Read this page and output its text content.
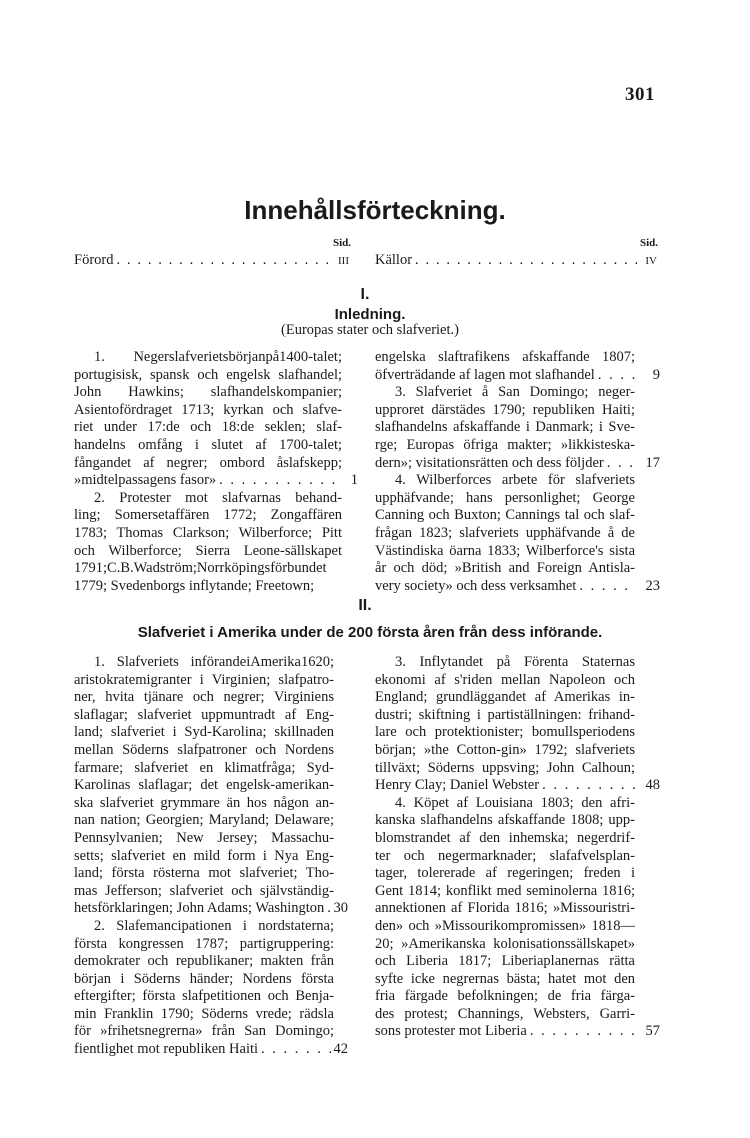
301
Innehållsförteckning.
Sid.	Sid.
Förord . . .	III Källor . . .	IV
I.
Inledning.
(Europas stater och slafveriet.)
1. Negerslafverietsbörjanpå1400-talet;
portugisisk, spansk och engelsk slafhandel;
John Hawkins; slafhandelskompanier;
Asientofördraget 1713; kyrkan och slafve-
riet under 17:de och 18:de seklen; slaf-
handelns omfång i slutet af 1700-talet;
fångandet af negrer; ombord åslafskepp;
»midtelpassagens fasor» . . .	1
2. Protester mot slafvarnas behand-
ling; Somersetaffären 1772; Zongaffären
1783; Thomas Clarkson; Wilberforce; Pitt
och Wilberforce; Sierra Leone-sällskapet
1791;C.B.Wadström;Norrköpingsförbundet
1779; Svedenborgs inflytande; Freetown;
engelska slaftrafikens afskaffande 1807;
öfverträdande af lagen mot slafhandel . . .	9
3. Slafveriet å San Domingo; neger-
upproret därstädes 1790; republiken Haiti;
slafhandelns afskaffande i Danmark; i Sve-
rge; Europas öfriga makter; »likkisteska-
dern»; visitationsrätten och dess följder . . .	17
4. Wilberforces arbete för slafveriets
upphäfvande; hans personlighet; George
Canning och Buxton; Cannings tal och slaf-
frågan 1823; slafveriets upphäfvande å de
Västindiska öarna 1833; Wilberforce's sista
år och död; »British and Foreign Antisla-
very society» och dess verksamhet . . .	23
II.
Slafveriet i Amerika under de 200 första åren från dess införande.
1. Slafveriets införandeiAmerika1620;
aristokratemigranter i Virginien; slafpatro-
ner, hvita tjänare och negrer; Virginiens
slaflagar; slafveriet uppmuntradt af Eng-
land; slafveriet i Syd-Karolina; skillnaden
mellan Söderns slafpatroner och Nordens
farmare; slafveriet en klimatfråga; Syd-
Karolinas slaflagar; det engelsk-amerikan-
ska slafveriet grymmare än hos någon an-
nan nation; Georgien; Maryland; Delaware;
Pennsylvanien; New Jersey; Massachu-
setts; slafveriet en mild form i Nya Eng-
land; första rösterna mot slafveriet; Tho-
mas Jefferson; slafveriet och självständig-
hetsförklaringen; John Adams; Washington . . . 30
2. Slafemancipationen i nordstaterna;
första kongressen 1787; partigruppering:
demokrater och republikaner; makten från
början i Söderns händer; Nordens första
eftergifter; första slafpetitionen och Benja-
min Franklin 1790; Söderns vrede; rädsla
för »frihetsnegrerna» från San Domingo;
fientlighet mot republiken Haiti . . .	42
3. Inflytandet på Förenta Staternas
ekonomi af s'riden mellan Napoleon och
England; grundläggandet af Amerikas in-
dustri; skiftning i partiställningen: frihand-
lare och protektionister; bomullsperiodens
början; »the Cotton-gin» 1792; slafveriets
tillväxt; Söderns uppsving; John Calhoun;
Henry Clay; Daniel Webster . . .	48
4. Köpet af Louisiana 1803; den afri-
kanska slafhandelns afskaffande 1808; upp-
blomstrandet af den inhemska; negerdrif-
ter och negermarknader; slafafvelsplan-
tager, tolererade af regeringen; freden i
Gent 1814; konflikt med seminolerna 1816;
annektionen af Florida 1816; »Missouristri-
den» och »Missourikompromissen» 1818—
20; »Amerikanska kolonisationssällskapet»
och Liberia 1817; Liberiaplanernas rätta
syfte icke negrernas bästa; hatet mot den
fria färgade befolkningen; de fria färga-
des protest; Channings, Websters, Garri-
sons protester mot Liberia . . .	57
